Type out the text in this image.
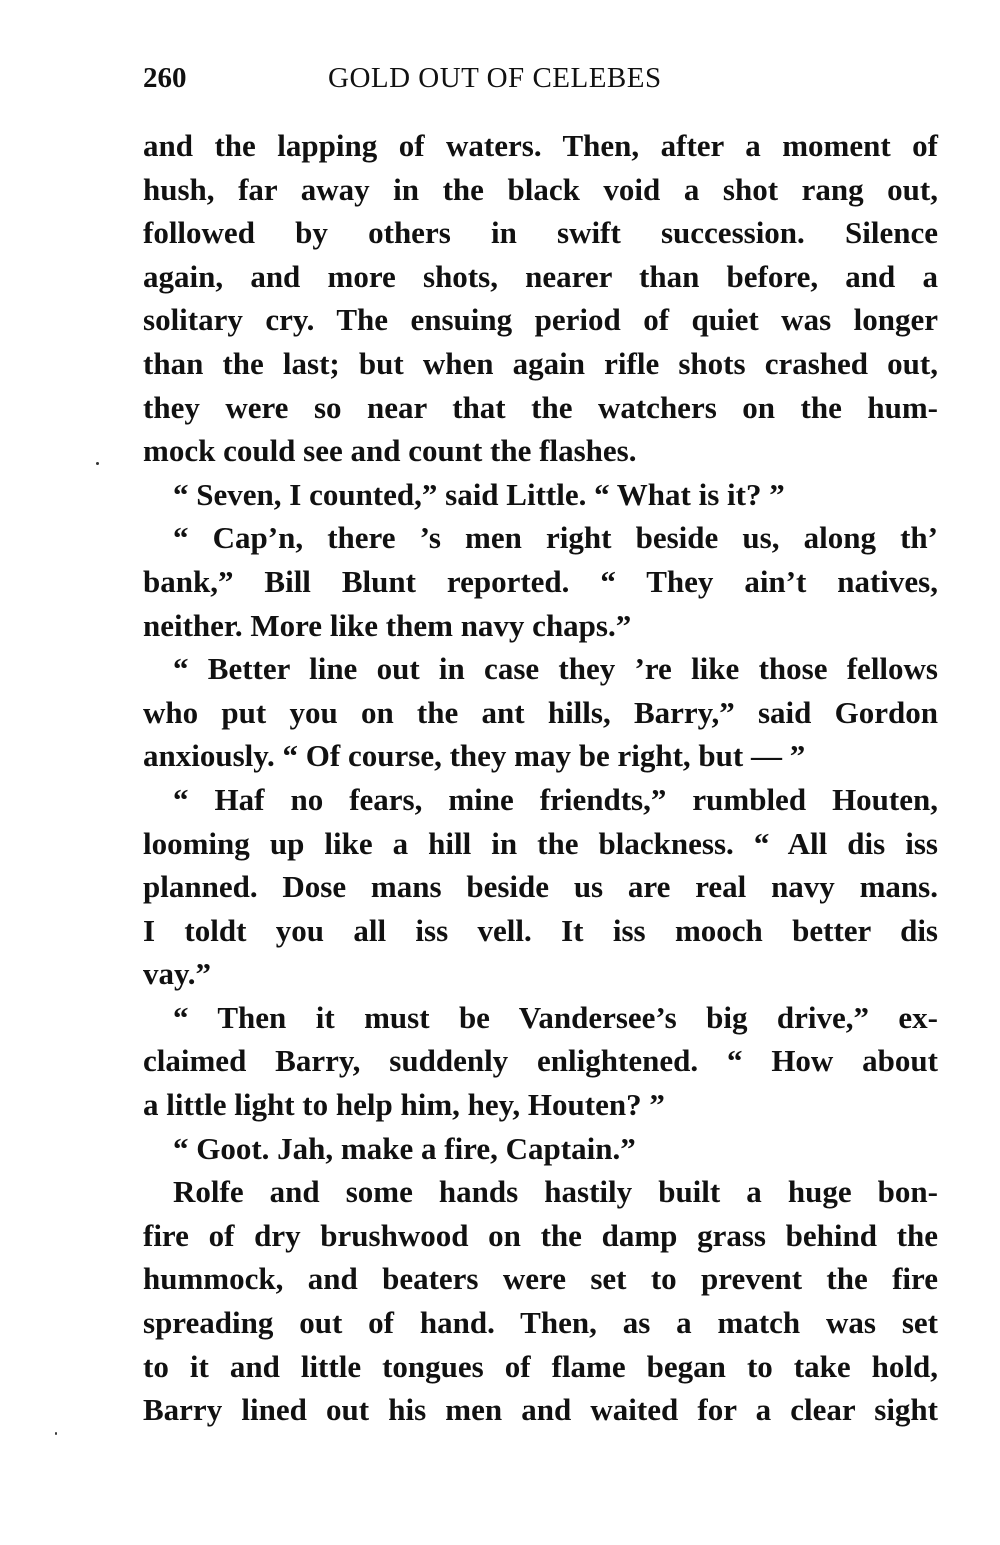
260	GOLD OUT OF CELEBES
and the lapping of waters. Then, after a moment of
hush, far away in the black void a shot rang out,
followed by others in swift succession. Silence
again, and more shots, nearer than before, and a
solitary cry. The ensuing period of quiet was longer
than the last; but when again rifle shots crashed out,
they were so near that the watchers on the hum-
mock could see and count the flashes.
“ Seven, I counted,” said Little. “ What is it? ”
“ Cap’n, there ’s men right beside us, along th’
bank,” Bill Blunt reported. “ They ain’t natives,
neither. More like them navy chaps.”
“ Better line out in case they ’re like those fellows
who put you on the ant hills, Barry,” said Gordon
anxiously. “ Of course, they may be right, but — ”
“ Haf no fears, mine friendts,” rumbled Houten,
looming up like a hill in the blackness. “ All dis iss
planned. Dose mans beside us are real navy mans.
I toldt you all iss vell. It iss mooch better dis
vay.”
“ Then it must be Vandersee’s big drive,” ex-
claimed Barry, suddenly enlightened. “ How about
a little light to help him, hey, Houten? ”
“ Goot. Jah, make a fire, Captain.”
Rolfe and some hands hastily built a huge bon-
fire of dry brushwood on the damp grass behind the
hummock, and beaters were set to prevent the fire
spreading out of hand. Then, as a match was set
to it and little tongues of flame began to take hold,
Barry lined out his men and waited for a clear sight
